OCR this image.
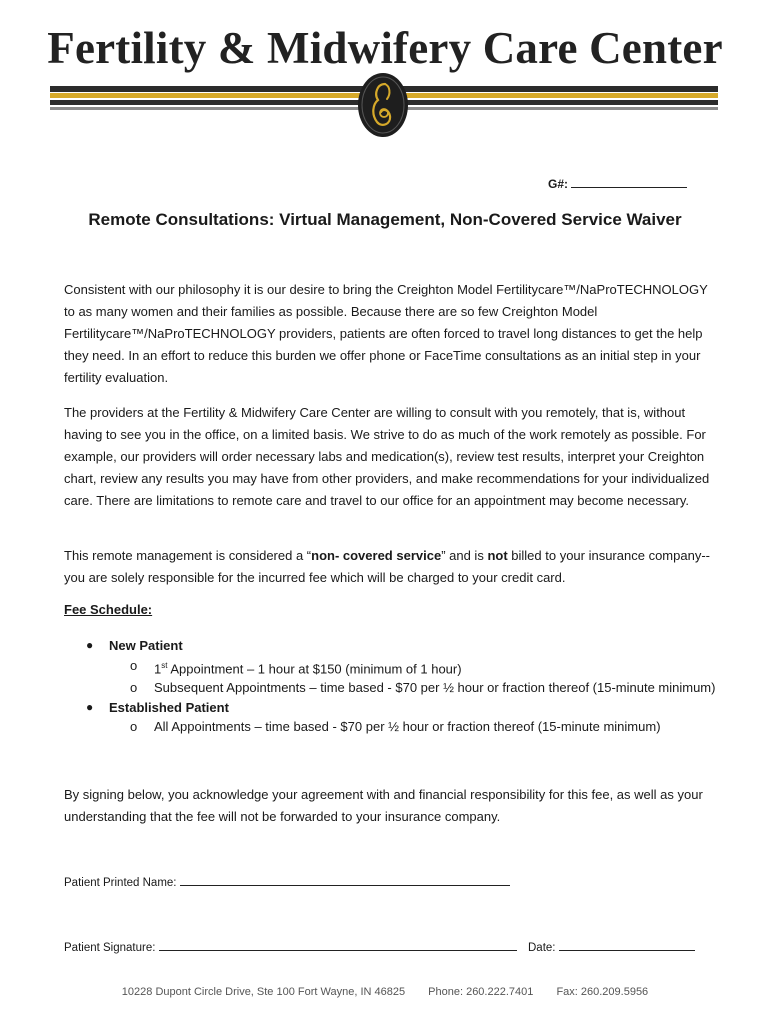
Fertility & Midwifery Care Center
G#:
Remote Consultations: Virtual Management, Non-Covered Service Waiver

Consistent with our philosophy it is our desire to bring the Creighton Model Fertilitycare™/NaProTECHNOLOGY to as many women and their families as possible. Because there are so few Creighton Model Fertilitycare™/NaProTECHNOLOGY providers, patients are often forced to travel long distances to get the help they need. In an effort to reduce this burden we offer phone or FaceTime consultations as an initial step in your fertility evaluation.

The providers at the Fertility & Midwifery Care Center are willing to consult with you remotely, that is, without having to see you in the office, on a limited basis. We strive to do as much of the work remotely as possible. For example, our providers will order necessary labs and medication(s), review test results, interpret your Creighton chart, review any results you may have from other providers, and make recommendations for your individualized care. There are limitations to remote care and travel to our office for an appointment may become necessary.

This remote management is considered a “non- covered service” and is not billed to your insurance company--you are solely responsible for the incurred fee which will be charged to your credit card.

Fee Schedule:
● New Patient
o 1st Appointment – 1 hour at $150 (minimum of 1 hour)
o Subsequent Appointments – time based - $70 per ½ hour or fraction thereof (15-minute minimum)
● Established Patient
o All Appointments – time based - $70 per ½ hour or fraction thereof (15-minute minimum)

By signing below, you acknowledge your agreement with and financial responsibility for this fee, as well as your understanding that the fee will not be forwarded to your insurance company.

Patient Printed Name:
Patient Signature:	Date:
10228 Dupont Circle Drive, Ste 100 Fort Wayne, IN 46825 Phone: 260.222.7401 Fax: 260.209.5956
